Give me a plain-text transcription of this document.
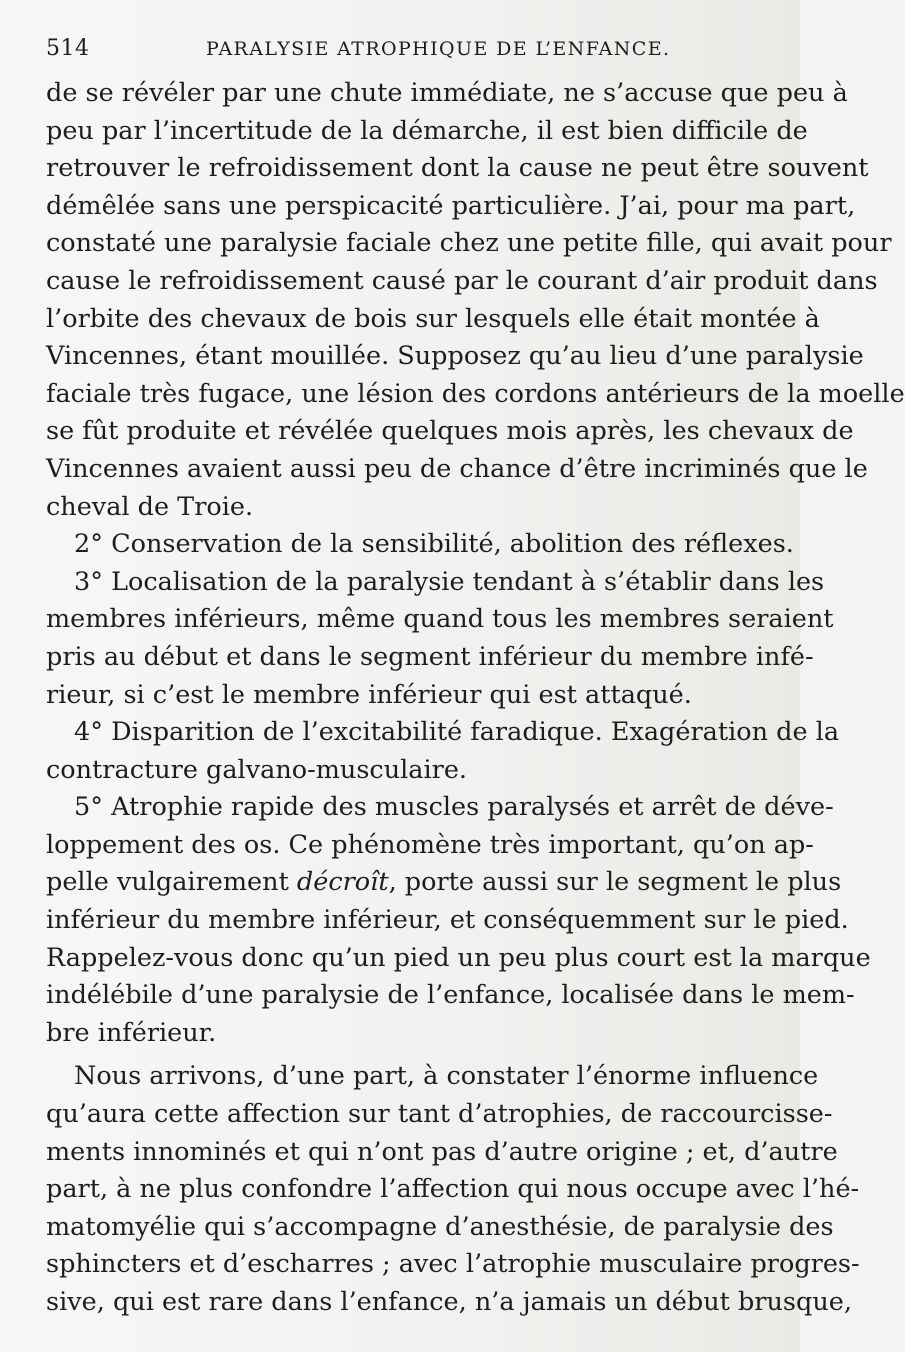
514	PARALYSIE ATROPHIQUE DE L’ENFANCE.
de se révéler par une chute immédiate, ne s’accuse que peu à
peu par l’incertitude de la démarche, il est bien difficile de
retrouver le refroidissement dont la cause ne peut être souvent
démêlée sans une perspicacité particulière. J’ai, pour ma part,
constaté une paralysie faciale chez une petite fille, qui avait pour
cause le refroidissement causé par le courant d’air produit dans
l’orbite des chevaux de bois sur lesquels elle était montée à
Vincennes, étant mouillée. Supposez qu’au lieu d’une paralysie
faciale très fugace, une lésion des cordons antérieurs de la moelle
se fût produite et révélée quelques mois après, les chevaux de
Vincennes avaient aussi peu de chance d’être incriminés que le
cheval de Troie.
2° Conservation de la sensibilité, abolition des réflexes.
3° Localisation de la paralysie tendant à s’établir dans les
membres inférieurs, même quand tous les membres seraient
pris au début et dans le segment inférieur du membre infé-
rieur, si c’est le membre inférieur qui est attaqué.
4° Disparition de l’excitabilité faradique. Exagération de la
contracture galvano-musculaire.
5° Atrophie rapide des muscles paralysés et arrêt de déve-
loppement des os. Ce phénomène très important, qu’on ap-
pelle vulgairement décroît, porte aussi sur le segment le plus
inférieur du membre inférieur, et conséquemment sur le pied.
Rappelez-vous donc qu’un pied un peu plus court est la marque
indélébile d’une paralysie de l’enfance, localisée dans le mem-
bre inférieur.
Nous arrivons, d’une part, à constater l’énorme influence
qu’aura cette affection sur tant d’atrophies, de raccourcisse-
ments innominés et qui n’ont pas d’autre origine ; et, d’autre
part, à ne plus confondre l’affection qui nous occupe avec l’hé-
matomyélie qui s’accompagne d’anesthésie, de paralysie des
sphincters et d’escharres ; avec l’atrophie musculaire progres-
sive, qui est rare dans l’enfance, n’a jamais un début brusque,
